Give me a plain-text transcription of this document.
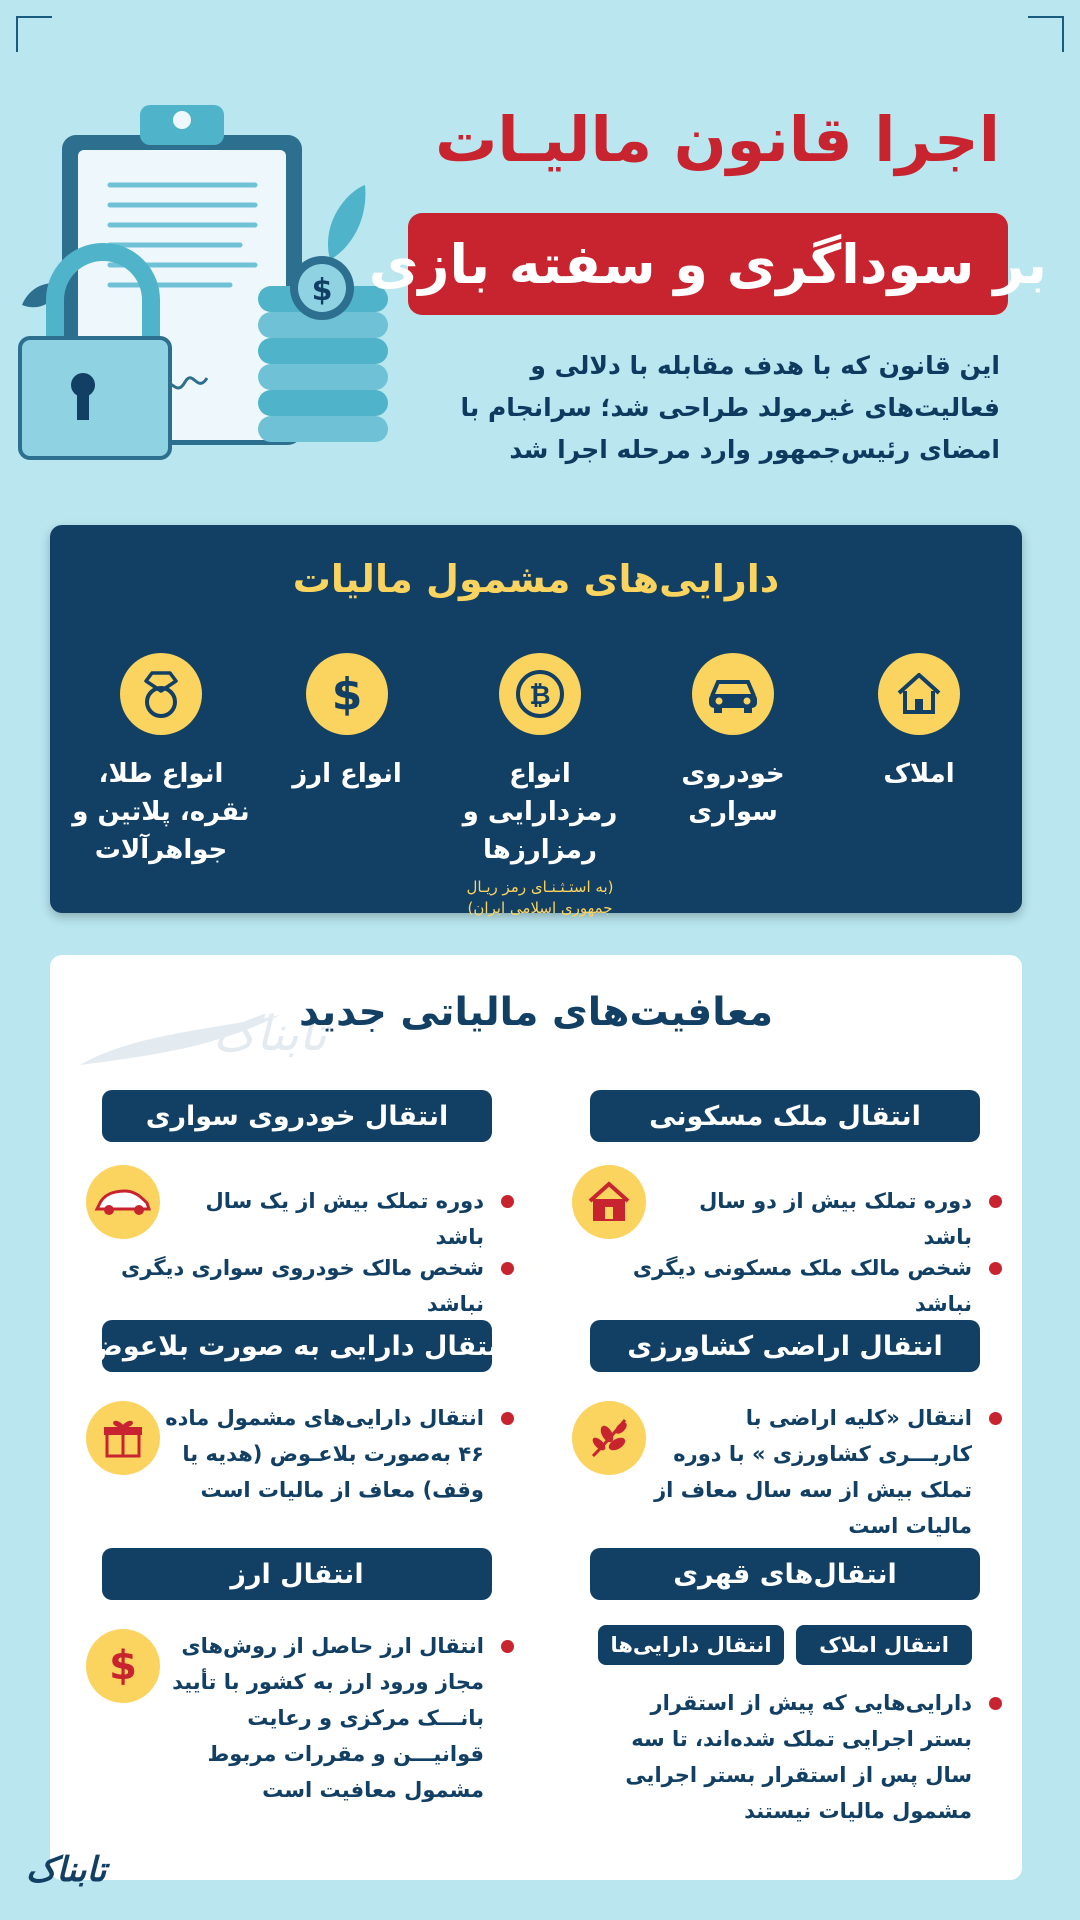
$
اجرا قانون مالیـات
بر سوداگری و سفته بازی
این قانون که با هدف مقابله با دلالی و فعالیت‌های غیرمولد طراحی شد؛ سرانجام با امضای رئیس‌جمهور وارد مرحله اجرا شد
دارایی‌های مشمول مالیات
املاک
خودروی سواری
₿
انواع رمزدارایی و رمزارزها
(به استـثـنـای رمز ریـال جمهوری اسلامی ایران)
$
انواع ارز
انواع طلا، نقره، پلاتین و جواهرآلات
تابناک
معافیت‌های مالیاتی جدید
انتقال ملک مسکونی
دوره تملک بیش از دو سال باشد
شخص مالک ملک مسکونی دیگری نباشد
انتقال خودروی سواری
دوره تملک بیش از یک سال باشد
شخص مالک خودروی سواری دیگری نباشد
انتقال اراضی کشاورزی
انتقال «کلیه اراضی با کاربـــری کشاورزی » با دوره تملک بیش از سه سال معاف از مالیات است
انتقال دارایی به صورت بلاعوض
انتقال دارایی‌های مشمول ماده ۴۶ به‌صورت بلاعـوض (هدیه یا وقف) معاف از مالیات است
انتقال‌های قهری
انتقال املاک
انتقال دارایی‌ها
دارایی‌هایی که پیش از استقرار بستر اجرایی تملک شده‌اند، تا سه سال پس از استقرار بستر اجرایی مشمول مالیات نیستند
انتقال ارز
$	انتقال ارز حاصل از روش‌های مجاز ورود ارز به کشور با تأیید بانـــک مرکزی و رعایت قوانیـــن و مقررات مربوط مشمول معافیت است
تابناک
